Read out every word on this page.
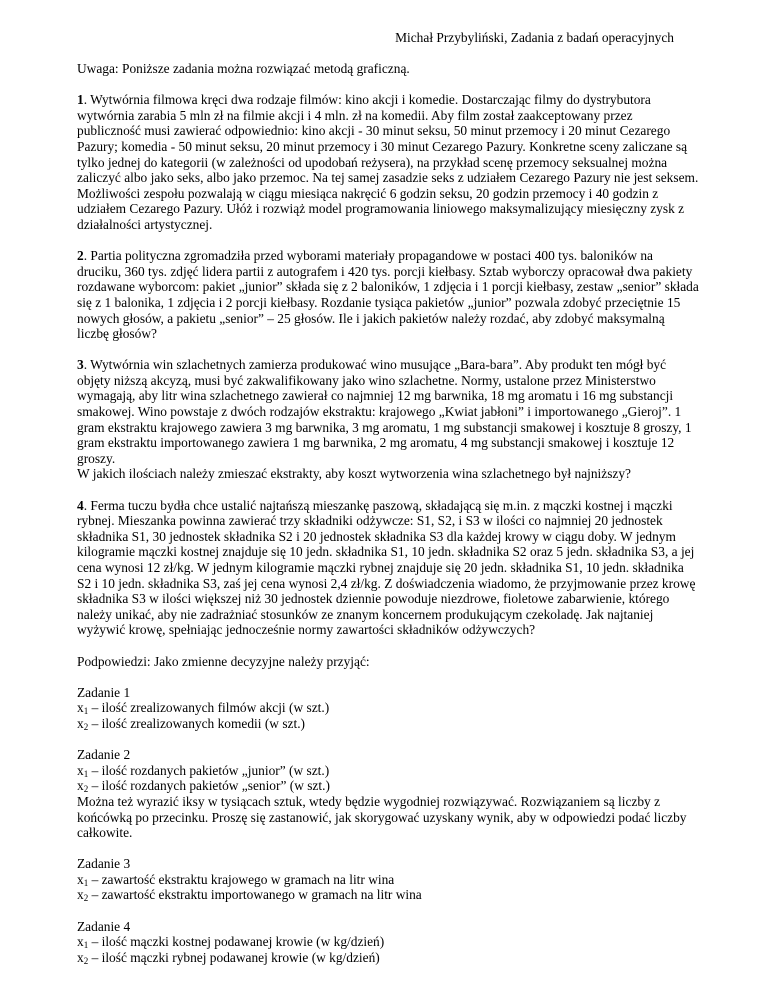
Michał Przybyliński, Zadania z badań operacyjnych

Uwaga: Poniższe zadania można rozwiązać metodą graficzną.

1. Wytwórnia filmowa kręci dwa rodzaje filmów: kino akcji i komedie. Dostarczając filmy do dystrybutora wytwórnia zarabia 5 mln zł na filmie akcji i 4 mln. zł na komedii. Aby film został zaakceptowany przez publiczność musi zawierać odpowiednio: kino akcji - 30 minut seksu, 50 minut przemocy i 20 minut Cezarego Pazury; komedia - 50 minut seksu, 20 minut przemocy i 30 minut Cezarego Pazury. Konkretne sceny zaliczane są tylko jednej do kategorii (w zależności od upodobań reżysera), na przykład scenę przemocy seksualnej można zaliczyć albo jako seks, albo jako przemoc. Na tej samej zasadzie seks z udziałem Cezarego Pazury nie jest seksem. Możliwości zespołu pozwalają w ciągu miesiąca nakręcić 6 godzin seksu, 20 godzin przemocy i 40 godzin z udziałem Cezarego Pazury. Ułóż i rozwiąż model programowania liniowego maksymalizujący miesięczny zysk z działalności artystycznej.

2. Partia polityczna zgromadziła przed wyborami materiały propagandowe w postaci 400 tys. baloników na druciku, 360 tys. zdjęć lidera partii z autografem i 420 tys. porcji kiełbasy. Sztab wyborczy opracował dwa pakiety rozdawane wyborcom: pakiet „junior” składa się z 2 baloników, 1 zdjęcia i 1 porcji kiełbasy, zestaw „senior” składa się z 1 balonika, 1 zdjęcia i 2 porcji kiełbasy. Rozdanie tysiąca pakietów „junior” pozwala zdobyć przeciętnie 15 nowych głosów, a pakietu „senior” – 25 głosów. Ile i jakich pakietów należy rozdać, aby zdobyć maksymalną liczbę głosów?

3. Wytwórnia win szlachetnych zamierza produkować wino musujące „Bara-bara”. Aby produkt ten mógł być objęty niższą akcyzą, musi być zakwalifikowany jako wino szlachetne. Normy, ustalone przez Ministerstwo wymagają, aby litr wina szlachetnego zawierał co najmniej 12 mg barwnika, 18 mg aromatu i 16 mg substancji smakowej. Wino powstaje z dwóch rodzajów ekstraktu: krajowego „Kwiat jabłoni” i importowanego „Gieroj”. 1 gram ekstraktu krajowego zawiera 3 mg barwnika, 3 mg aromatu, 1 mg substancji smakowej i kosztuje 8 groszy, 1 gram ekstraktu importowanego zawiera 1 mg barwnika, 2 mg aromatu, 4 mg substancji smakowej i kosztuje 12 groszy.
W jakich ilościach należy zmieszać ekstrakty, aby koszt wytworzenia wina szlachetnego był najniższy?

4. Ferma tuczu bydła chce ustalić najtańszą mieszankę paszową, składającą się m.in. z mączki kostnej i mączki rybnej. Mieszanka powinna zawierać trzy składniki odżywcze: S1, S2, i S3 w ilości co najmniej 20 jednostek składnika S1, 30 jednostek składnika S2 i 20 jednostek składnika S3 dla każdej krowy w ciągu doby. W jednym kilogramie mączki kostnej znajduje się 10 jedn. składnika S1, 10 jedn. składnika S2 oraz 5 jedn. składnika S3, a jej cena wynosi 12 zł/kg. W jednym kilogramie mączki rybnej znajduje się 20 jedn. składnika S1, 10 jedn. składnika S2 i 10 jedn. składnika S3, zaś jej cena wynosi 2,4 zł/kg. Z doświadczenia wiadomo, że przyjmowanie przez krowę składnika S3 w ilości większej niż 30 jednostek dziennie powoduje niezdrowe, fioletowe zabarwienie, którego należy unikać, aby nie zadrażniać stosunków ze znanym koncernem produkującym czekoladę. Jak najtaniej wyżywić krowę, spełniając jednocześnie normy zawartości składników odżywczych?

Podpowiedzi: Jako zmienne decyzyjne należy przyjąć:

Zadanie 1
$x_1$ – ilość zrealizowanych filmów akcji (w szt.)
$x_2$ – ilość zrealizowanych komedii (w szt.)

Zadanie 2
$x_1$ – ilość rozdanych pakietów „junior” (w szt.)
$x_2$ – ilość rozdanych pakietów „senior” (w szt.)
Można też wyrazić iksy w tysiącach sztuk, wtedy będzie wygodniej rozwiązywać. Rozwiązaniem są liczby z końcówką po przecinku. Proszę się zastanowić, jak skorygować uzyskany wynik, aby w odpowiedzi podać liczby całkowite.

Zadanie 3
$x_1$ – zawartość ekstraktu krajowego w gramach na litr wina
$x_2$ – zawartość ekstraktu importowanego w gramach na litr wina

Zadanie 4
$x_1$ – ilość mączki kostnej podawanej krowie (w kg/dzień)
$x_2$ – ilość mączki rybnej podawanej krowie (w kg/dzień)
